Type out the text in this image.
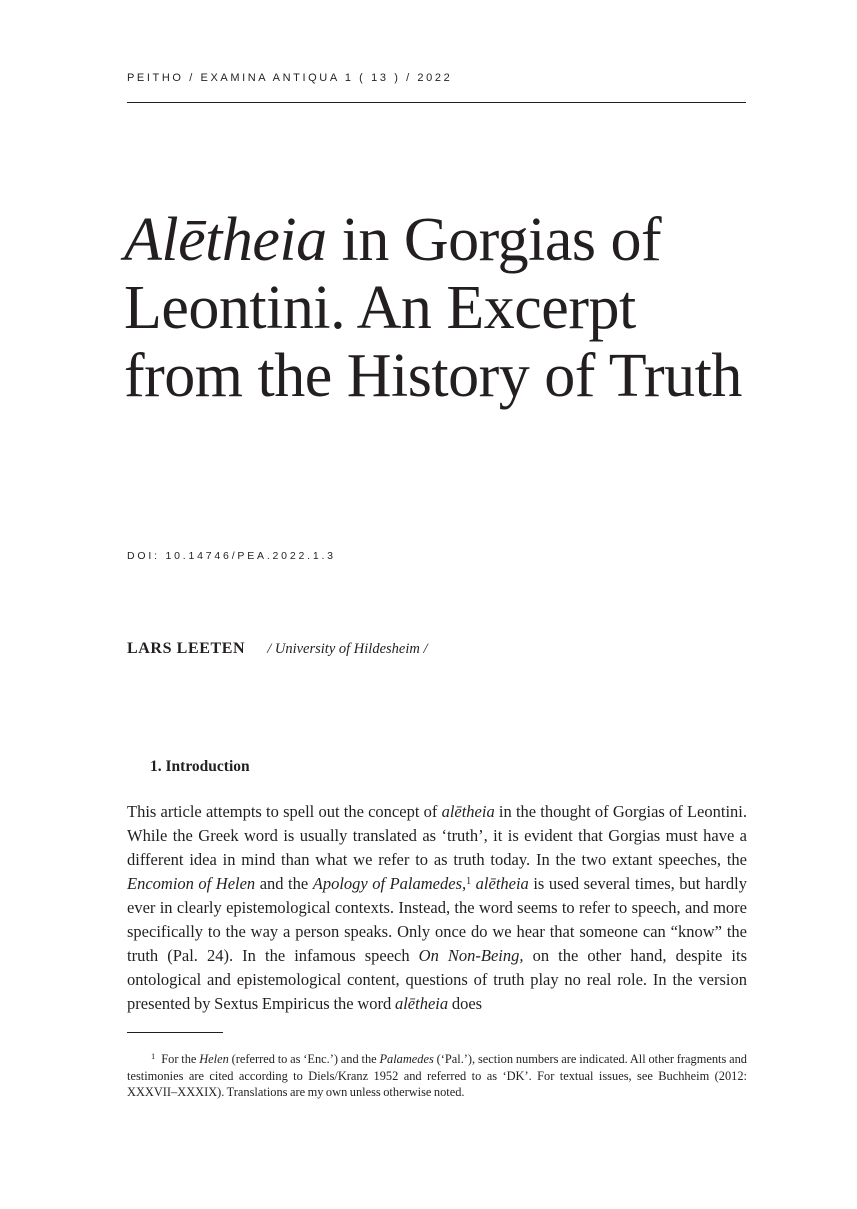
PEITHO / EXAMINA ANTIQUA 1 ( 13 ) / 2022
Alētheia in Gorgias of Leontini. An Excerpt from the History of Truth
DOI: 10.14746/PEA.2022.1.3
LARS LEETEN / University of Hildesheim /
1. Introduction

This article attempts to spell out the concept of alētheia in the thought of Gorgias of Leontini. While the Greek word is usually translated as ‘truth’, it is evident that Gorgias must have a different idea in mind than what we refer to as truth today. In the two extant speeches, the Encomion of Helen and the Apology of Palamedes,$^1$ alētheia is used several times, but hardly ever in clearly epistemological contexts. Instead, the word seems to refer to speech, and more specifically to the way a person speaks. Only once do we hear that someone can “know” the truth (Pal. 24). In the infamous speech On Non-Being, on the other hand, despite its ontological and epistemological content, questions of truth play no real role. In the version presented by Sextus Empiricus the word alētheia does

$^1$ For the Helen (referred to as ‘Enc.’) and the Palamedes (‘Pal.’), section numbers are indicated. All other fragments and testimonies are cited according to Diels/Kranz 1952 and referred to as ‘DK’. For textual issues, see Buchheim (2012: XXXVII–XXXIX). Translations are my own unless otherwise noted.
